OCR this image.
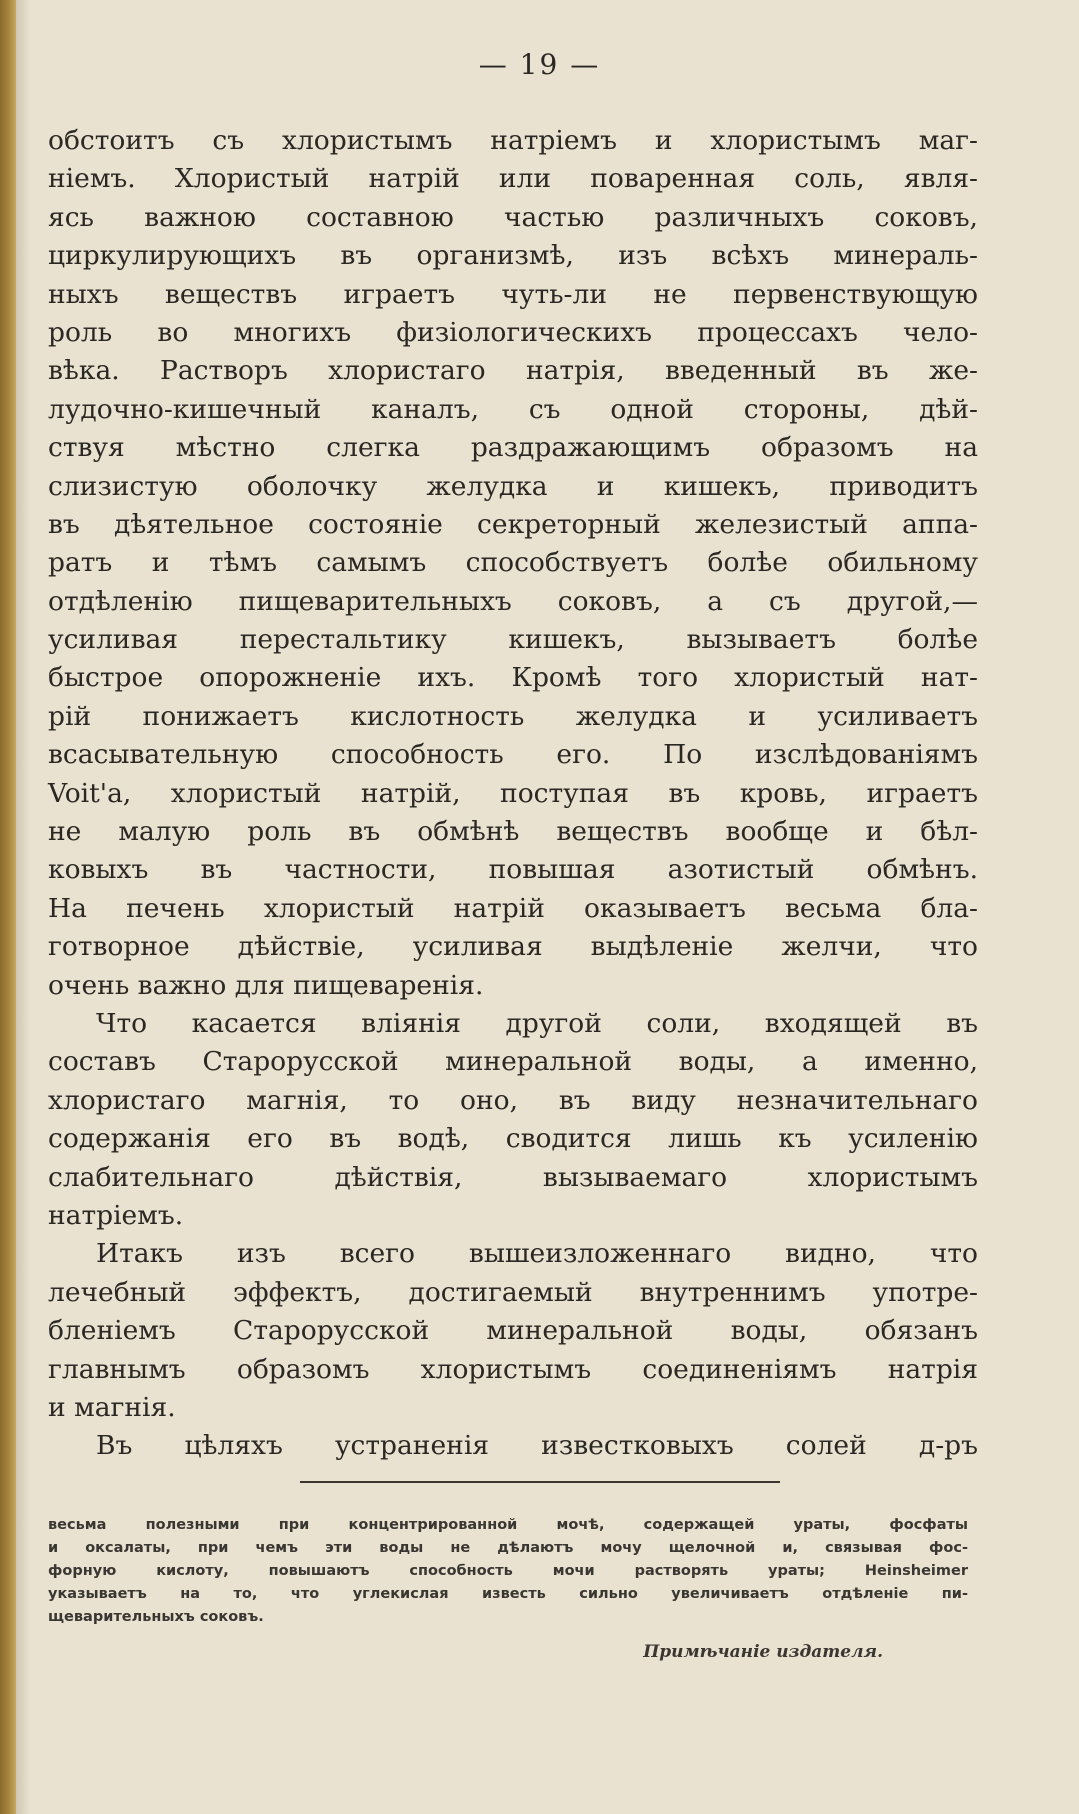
— 19 —
обстоитъ съ хлористымъ натріемъ и хлористымъ маг-
ніемъ. Хлористый натрій или поваренная соль, явля-
ясь важною составною частью различныхъ соковъ,
циркулирующихъ въ организмѣ, изъ всѣхъ минераль-
ныхъ веществъ играетъ чуть-ли не первенствующую
роль во многихъ физіологическихъ процессахъ чело-
вѣка. Растворъ хлористаго натрія, введенный въ же-
лудочно-кишечный каналъ, съ одной стороны, дѣй-
ствуя мѣстно слегка раздражающимъ образомъ на
слизистую оболочку желудка и кишекъ, приводитъ
въ дѣятельное состояніе секреторный железистый аппа-
ратъ и тѣмъ самымъ способствуетъ болѣе обильному
отдѣленію пищеварительныхъ соковъ, а съ другой,—
усиливая перестальтику кишекъ, вызываетъ болѣе
быстрое опорожненіе ихъ. Кромѣ того хлористый нат-
рій понижаетъ кислотность желудка и усиливаетъ
всасывательную способность его. По изслѣдованіямъ
Voit'a, хлористый натрій, поступая въ кровь, играетъ
не малую роль въ обмѣнѣ веществъ вообще и бѣл-
ковыхъ въ частности, повышая азотистый обмѣнъ.
На печень хлористый натрій оказываетъ весьма бла-
готворное дѣйствіе, усиливая выдѣленіе желчи, что
очень важно для пищеваренія.
Что касается вліянія другой соли, входящей въ
составъ Старорусской минеральной воды, а именно,
хлористаго магнія, то оно, въ виду незначительнаго
содержанія его въ водѣ, сводится лишь къ усиленію
слабительнаго дѣйствія, вызываемаго хлористымъ
натріемъ.
Итакъ изъ всего вышеизложеннаго видно, что
лечебный эффектъ, достигаемый внутреннимъ употре-
бленіемъ Старорусской минеральной воды, обязанъ
главнымъ образомъ хлористымъ соединеніямъ натрія
и магнія.
Въ цѣляхъ устраненія известковыхъ солей д-ръ
весьма полезными при концентрированной мочѣ, содержащей ураты, фосфаты
и оксалаты, при чемъ эти воды не дѣлаютъ мочу щелочной и, связывая фос-
форную кислоту, повышаютъ способность мочи растворять ураты; Heinsheimer
указываетъ на то, что углекислая известь сильно увеличиваетъ отдѣленіе пи-
щеварительныхъ соковъ.
Примѣчаніе издателя.
